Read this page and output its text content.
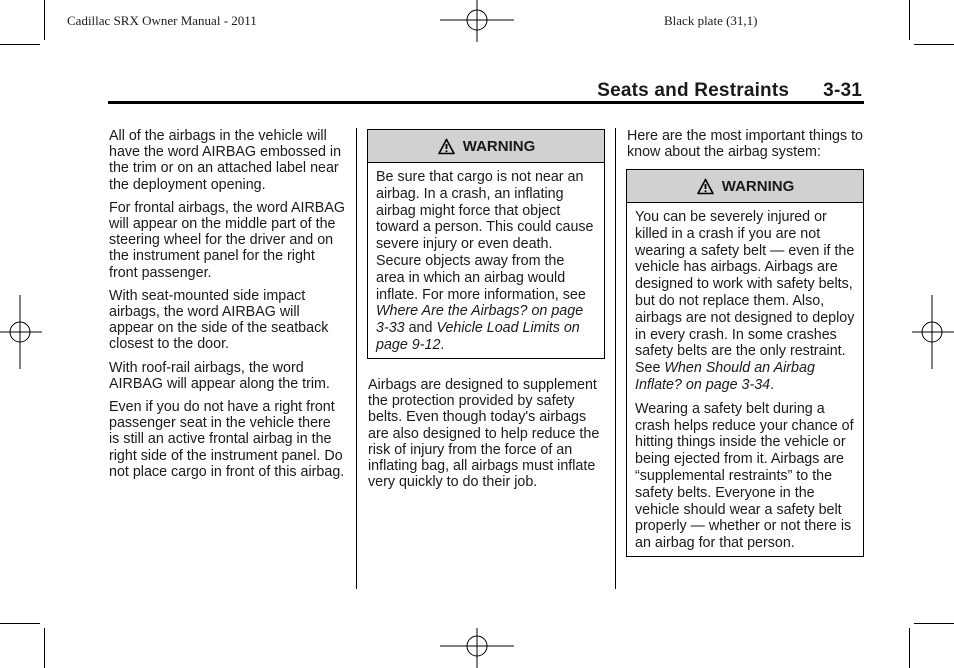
Cadillac SRX Owner Manual - 2011	Black plate (31,1)
Seats and Restraints 3-31

All of the airbags in the vehicle will have the word AIRBAG embossed in the trim or on an attached label near the deployment opening.

For frontal airbags, the word AIRBAG will appear on the middle part of the steering wheel for the driver and on the instrument panel for the right front passenger.

With seat-mounted side impact airbags, the word AIRBAG will appear on the side of the seatback closest to the door.

With roof-rail airbags, the word AIRBAG will appear along the trim.

Even if you do not have a right front passenger seat in the vehicle there is still an active frontal airbag in the right side of the instrument panel. Do not place cargo in front of this airbag.

WARNING

Be sure that cargo is not near an airbag. In a crash, an inflating airbag might force that object toward a person. This could cause severe injury or even death. Secure objects away from the area in which an airbag would inflate. For more information, see Where Are the Airbags? on page 3-33 and Vehicle Load Limits on page 9-12.

Airbags are designed to supplement the protection provided by safety belts. Even though today's airbags are also designed to help reduce the risk of injury from the force of an inflating bag, all airbags must inflate very quickly to do their job.

Here are the most important things to know about the airbag system:

WARNING

You can be severely injured or killed in a crash if you are not wearing a safety belt — even if the vehicle has airbags. Airbags are designed to work with safety belts, but do not replace them. Also, airbags are not designed to deploy in every crash. In some crashes safety belts are the only restraint. See When Should an Airbag Inflate? on page 3-34.

Wearing a safety belt during a crash helps reduce your chance of hitting things inside the vehicle or being ejected from it. Airbags are “supplemental restraints” to the safety belts. Everyone in the vehicle should wear a safety belt properly — whether or not there is an airbag for that person.
